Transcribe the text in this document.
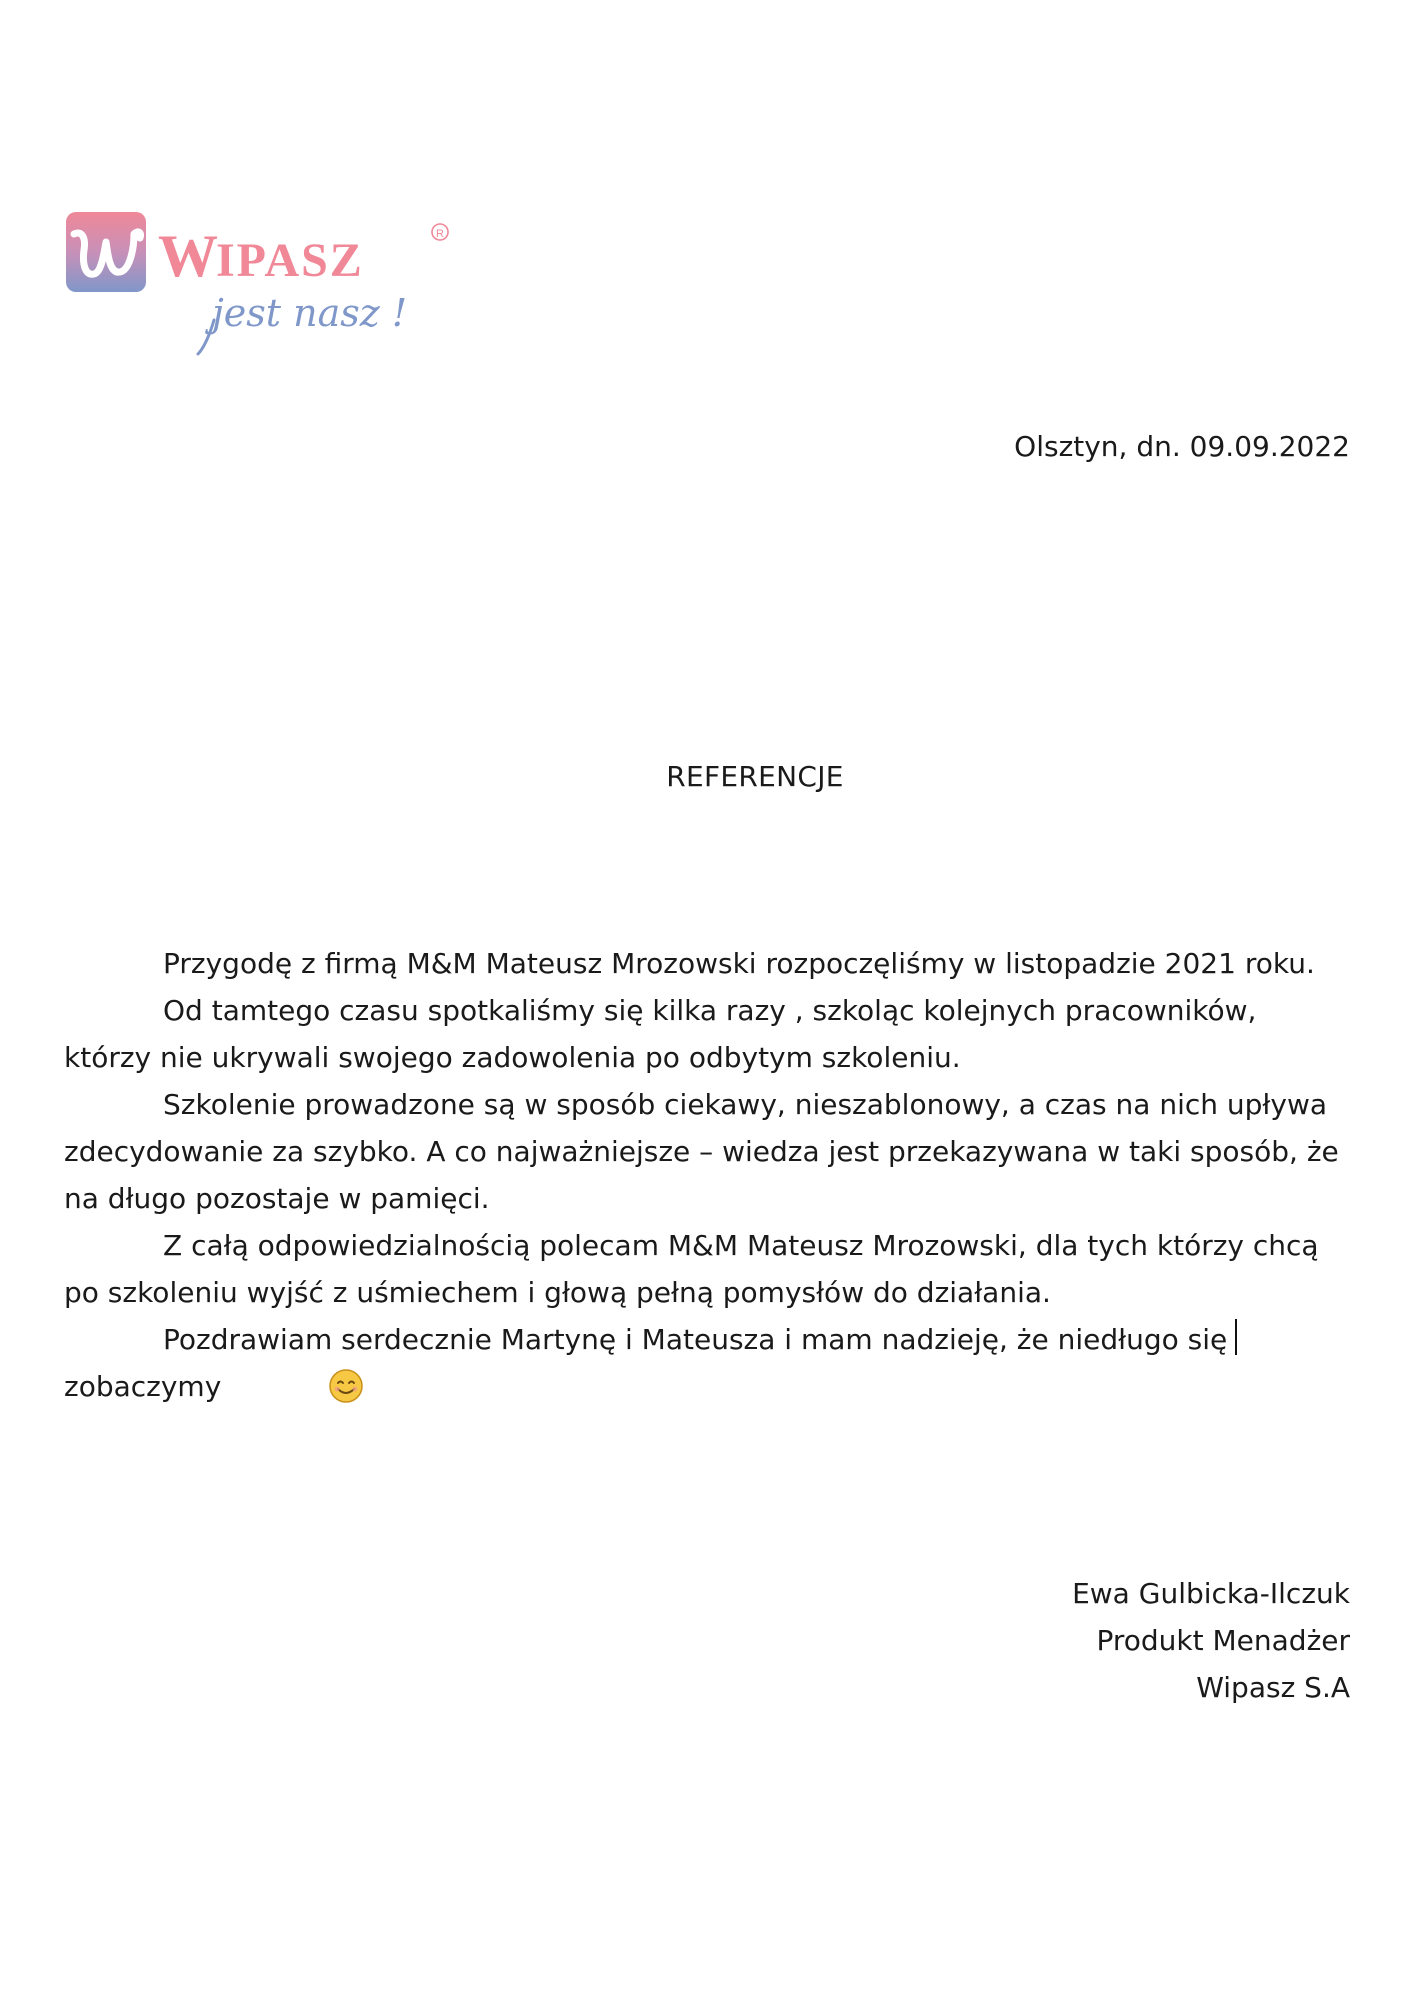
W
IPASZ	R
jest nasz !
Olsztyn, dn. 09.09.2022
REFERENCJE

Przygodę z firmą M&M Mateusz Mrozowski rozpoczęliśmy w listopadzie 2021 roku.

Od tamtego czasu spotkaliśmy się kilka razy , szkoląc kolejnych pracowników, którzy nie ukrywali swojego zadowolenia po odbytym szkoleniu.

Szkolenie prowadzone są w sposób ciekawy, nieszablonowy, a czas na nich upływa zdecydowanie za szybko. A co najważniejsze – wiedza jest przekazywana w taki sposób, że na długo pozostaje w pamięci.

Z całą odpowiedzialnością polecam M&M Mateusz Mrozowski, dla tych którzy chcą po szkoleniu wyjść z uśmiechem i głową pełną pomysłów do działania.

Pozdrawiam serdecznie Martynę i Mateusza i mam nadzieję, że niedługo się zobaczymy

Ewa Gulbicka-Ilczuk
Produkt Menadżer
Wipasz S.A
